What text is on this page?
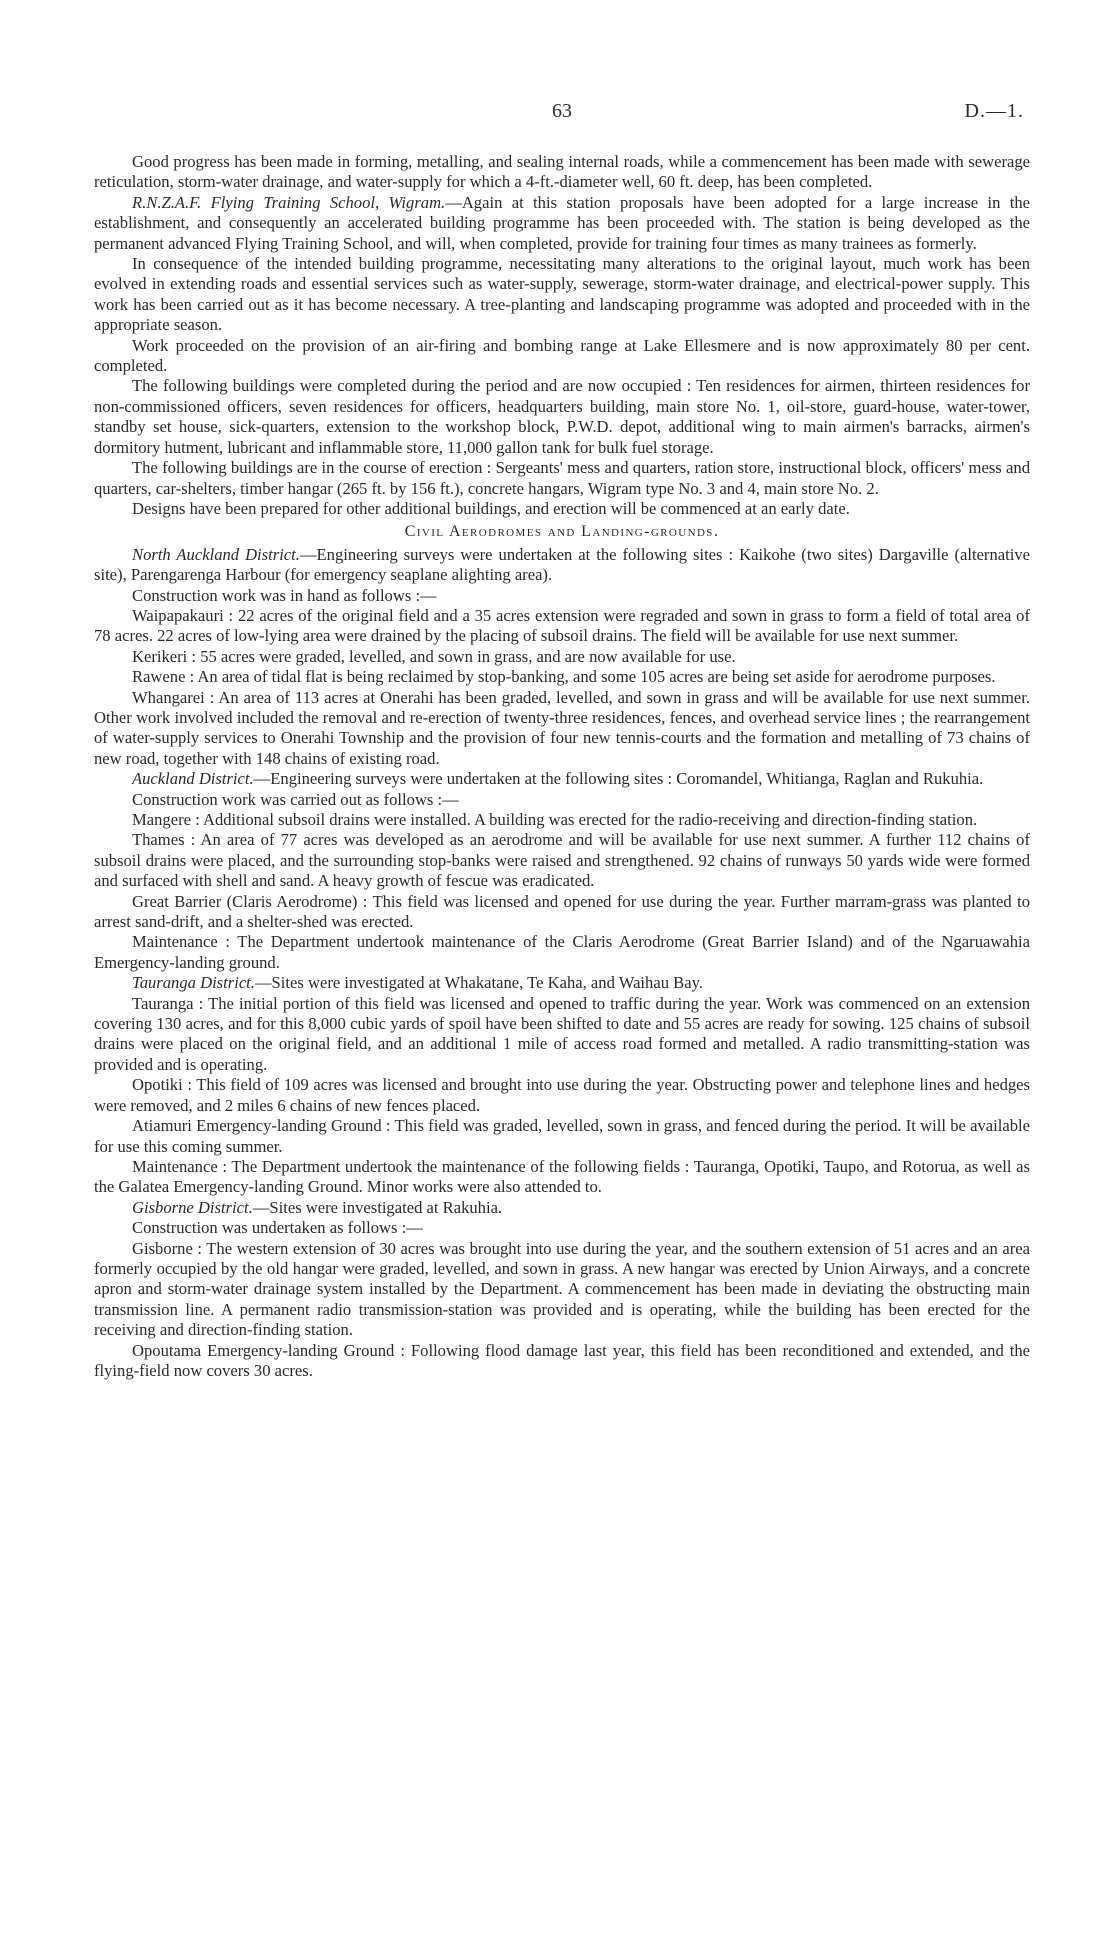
63	D.—1.

Good progress has been made in forming, metalling, and sealing internal roads, while a commencement has been made with sewerage reticulation, storm-water drainage, and water-supply for which a 4-ft.-diameter well, 60 ft. deep, has been completed.

R.N.Z.A.F. Flying Training School, Wigram.—Again at this station proposals have been adopted for a large increase in the establishment, and consequently an accelerated building programme has been proceeded with. The station is being developed as the permanent advanced Flying Training School, and will, when completed, provide for training four times as many trainees as formerly.

In consequence of the intended building programme, necessitating many alterations to the original layout, much work has been evolved in extending roads and essential services such as water-supply, sewerage, storm-water drainage, and electrical-power supply. This work has been carried out as it has become necessary. A tree-planting and landscaping programme was adopted and proceeded with in the appropriate season.

Work proceeded on the provision of an air-firing and bombing range at Lake Ellesmere and is now approximately 80 per cent. completed.

The following buildings were completed during the period and are now occupied : Ten residences for airmen, thirteen residences for non-commissioned officers, seven residences for officers, headquarters building, main store No. 1, oil-store, guard-house, water-tower, standby set house, sick-quarters, extension to the workshop block, P.W.D. depot, additional wing to main airmen's barracks, airmen's dormitory hutment, lubricant and inflammable store, 11,000 gallon tank for bulk fuel storage.

The following buildings are in the course of erection : Sergeants' mess and quarters, ration store, instructional block, officers' mess and quarters, car-shelters, timber hangar (265 ft. by 156 ft.), concrete hangars, Wigram type No. 3 and 4, main store No. 2.

Designs have been prepared for other additional buildings, and erection will be commenced at an early date.

Civil Aerodromes and Landing-grounds.

North Auckland District.—Engineering surveys were undertaken at the following sites : Kaikohe (two sites) Dargaville (alternative site), Parengarenga Harbour (for emergency seaplane alighting area).

Construction work was in hand as follows :—

Waipapakauri : 22 acres of the original field and a 35 acres extension were regraded and sown in grass to form a field of total area of 78 acres. 22 acres of low-lying area were drained by the placing of subsoil drains. The field will be available for use next summer.

Kerikeri : 55 acres were graded, levelled, and sown in grass, and are now available for use.

Rawene : An area of tidal flat is being reclaimed by stop-banking, and some 105 acres are being set aside for aerodrome purposes.

Whangarei : An area of 113 acres at Onerahi has been graded, levelled, and sown in grass and will be available for use next summer. Other work involved included the removal and re-erection of twenty-three residences, fences, and overhead service lines ; the rearrangement of water-supply services to Onerahi Township and the provision of four new tennis-courts and the formation and metalling of 73 chains of new road, together with 148 chains of existing road.

Auckland District.—Engineering surveys were undertaken at the following sites : Coromandel, Whitianga, Raglan and Rukuhia.

Construction work was carried out as follows :—

Mangere : Additional subsoil drains were installed. A building was erected for the radio-receiving and direction-finding station.

Thames : An area of 77 acres was developed as an aerodrome and will be available for use next summer. A further 112 chains of subsoil drains were placed, and the surrounding stop-banks were raised and strengthened. 92 chains of runways 50 yards wide were formed and surfaced with shell and sand. A heavy growth of fescue was eradicated.

Great Barrier (Claris Aerodrome) : This field was licensed and opened for use during the year. Further marram-grass was planted to arrest sand-drift, and a shelter-shed was erected.

Maintenance : The Department undertook maintenance of the Claris Aerodrome (Great Barrier Island) and of the Ngaruawahia Emergency-landing ground.

Tauranga District.—Sites were investigated at Whakatane, Te Kaha, and Waihau Bay.

Tauranga : The initial portion of this field was licensed and opened to traffic during the year. Work was commenced on an extension covering 130 acres, and for this 8,000 cubic yards of spoil have been shifted to date and 55 acres are ready for sowing. 125 chains of subsoil drains were placed on the original field, and an additional 1 mile of access road formed and metalled. A radio transmitting-station was provided and is operating.

Opotiki : This field of 109 acres was licensed and brought into use during the year. Obstructing power and telephone lines and hedges were removed, and 2 miles 6 chains of new fences placed.

Atiamuri Emergency-landing Ground : This field was graded, levelled, sown in grass, and fenced during the period. It will be available for use this coming summer.

Maintenance : The Department undertook the maintenance of the following fields : Tauranga, Opotiki, Taupo, and Rotorua, as well as the Galatea Emergency-landing Ground. Minor works were also attended to.

Gisborne District.—Sites were investigated at Rakuhia.

Construction was undertaken as follows :—

Gisborne : The western extension of 30 acres was brought into use during the year, and the southern extension of 51 acres and an area formerly occupied by the old hangar were graded, levelled, and sown in grass. A new hangar was erected by Union Airways, and a concrete apron and storm-water drainage system installed by the Department. A commencement has been made in deviating the obstructing main transmission line. A permanent radio transmission-station was provided and is operating, while the building has been erected for the receiving and direction-finding station.

Opoutama Emergency-landing Ground : Following flood damage last year, this field has been reconditioned and extended, and the flying-field now covers 30 acres.
